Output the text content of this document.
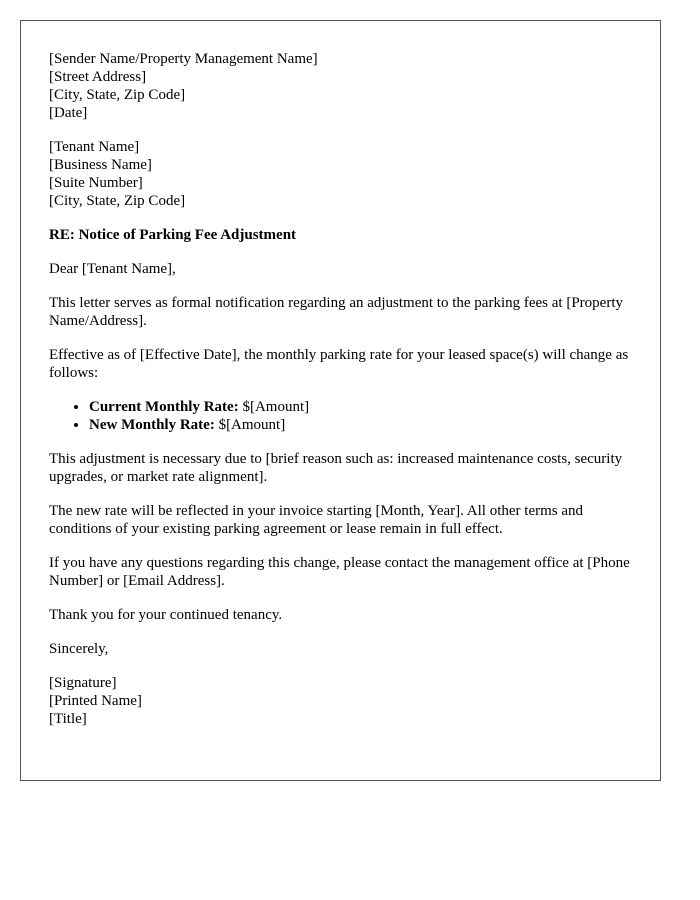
[Sender Name/Property Management Name]
[Street Address]
[City, State, Zip Code]
[Date]
[Tenant Name]
[Business Name]
[Suite Number]
[City, State, Zip Code]
RE: Notice of Parking Fee Adjustment

Dear [Tenant Name],

This letter serves as formal notification regarding an adjustment to the parking fees at [Property Name/Address].

Effective as of [Effective Date], the monthly parking rate for your leased space(s) will change as follows:

• Current Monthly Rate: $[Amount]
• New Monthly Rate: $[Amount]

This adjustment is necessary due to [brief reason such as: increased maintenance costs, security upgrades, or market rate alignment].

The new rate will be reflected in your invoice starting [Month, Year]. All other terms and conditions of your existing parking agreement or lease remain in full effect.

If you have any questions regarding this change, please contact the management office at [Phone Number] or [Email Address].

Thank you for your continued tenancy.

Sincerely,

[Signature]
[Printed Name]
[Title]
